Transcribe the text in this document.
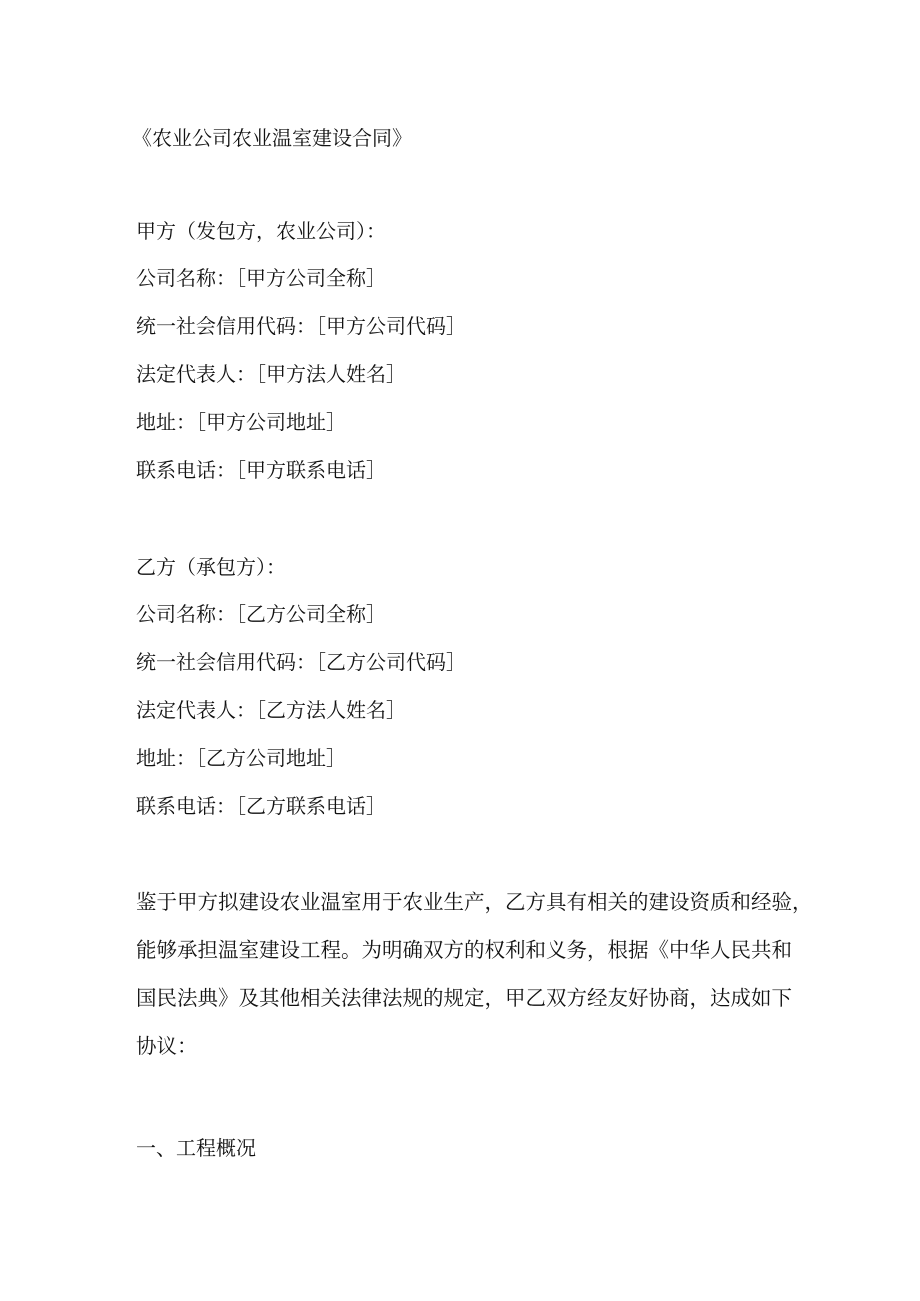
《农业公司农业温室建设合同》
甲方（发包方，农业公司）：
公司名称：［甲方公司全称］
统一社会信用代码：［甲方公司代码］
法定代表人：［甲方法人姓名］
地址：［甲方公司地址］
联系电话：［甲方联系电话］
乙方（承包方）：
公司名称：［乙方公司全称］
统一社会信用代码：［乙方公司代码］
法定代表人：［乙方法人姓名］
地址：［乙方公司地址］
联系电话：［乙方联系电话］
鉴于甲方拟建设农业温室用于农业生产，乙方具有相关的建设资质和经验，
能够承担温室建设工程。为明确双方的权利和义务，根据《中华人民共和
国民法典》及其他相关法律法规的规定，甲乙双方经友好协商，达成如下
协议：
一、工程概况
